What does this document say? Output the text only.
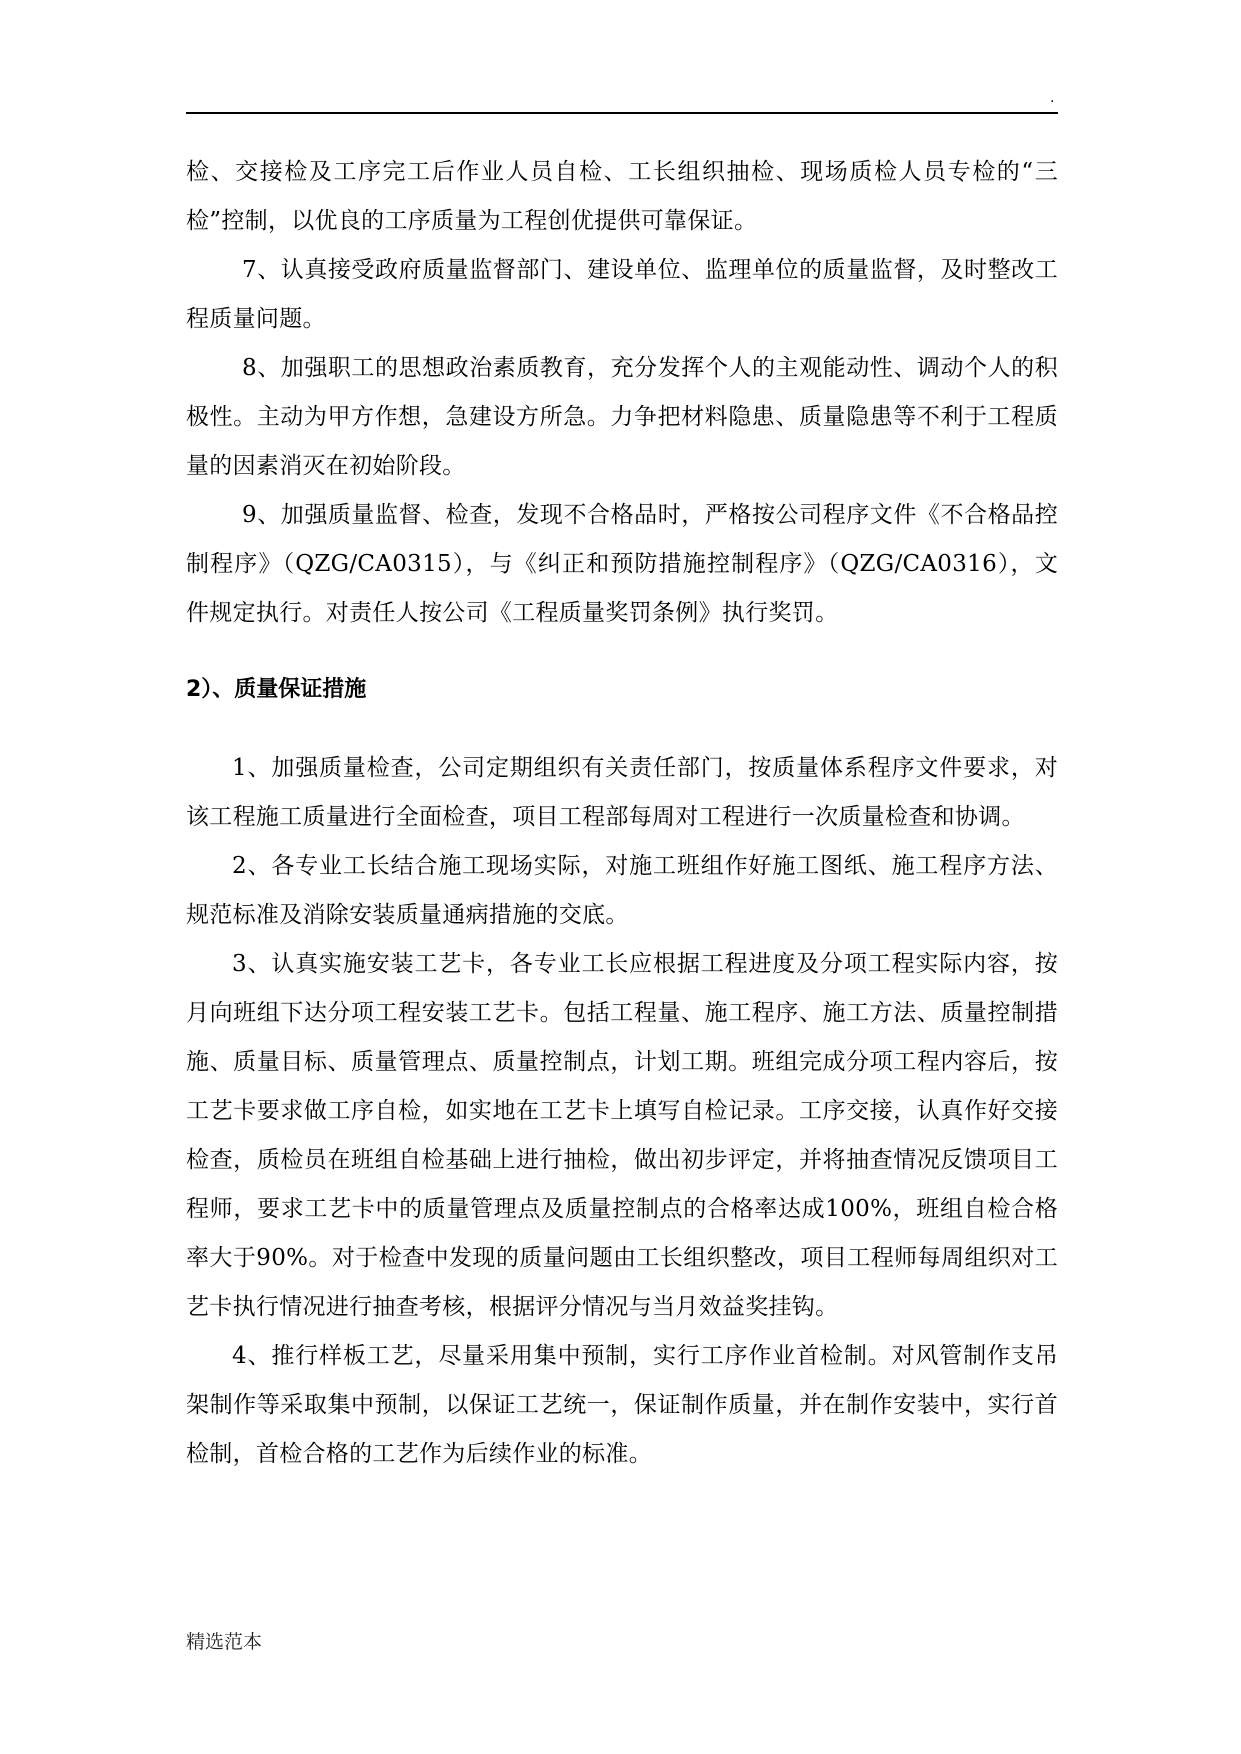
.

检、交接检及工序完工后作业人员自检、工长组织抽检、现场质检人员专检的“三检”控制，以优良的工序质量为工程创优提供可靠保证。

7、认真接受政府质量监督部门、建设单位、监理单位的质量监督，及时整改工程质量问题。

8、加强职工的思想政治素质教育，充分发挥个人的主观能动性、调动个人的积极性。主动为甲方作想，急建设方所急。力争把材料隐患、质量隐患等不利于工程质量的因素消灭在初始阶段。

9、加强质量监督、检查，发现不合格品时，严格按公司程序文件《不合格品控制程序》（QZG/CA0315），与《纠正和预防措施控制程序》（QZG/CA0316），文件规定执行。对责任人按公司《工程质量奖罚条例》执行奖罚。

2）、质量保证措施

1、加强质量检查，公司定期组织有关责任部门，按质量体系程序文件要求，对该工程施工质量进行全面检查，项目工程部每周对工程进行一次质量检查和协调。

2、各专业工长结合施工现场实际，对施工班组作好施工图纸、施工程序方法、规范标准及消除安装质量通病措施的交底。

3、认真实施安装工艺卡，各专业工长应根据工程进度及分项工程实际内容，按月向班组下达分项工程安装工艺卡。包括工程量、施工程序、施工方法、质量控制措施、质量目标、质量管理点、质量控制点，计划工期。班组完成分项工程内容后，按工艺卡要求做工序自检，如实地在工艺卡上填写自检记录。工序交接，认真作好交接检查，质检员在班组自检基础上进行抽检，做出初步评定，并将抽查情况反馈项目工程师，要求工艺卡中的质量管理点及质量控制点的合格率达成100%，班组自检合格率大于90%。对于检查中发现的质量问题由工长组织整改，项目工程师每周组织对工艺卡执行情况进行抽查考核，根据评分情况与当月效益奖挂钩。

4、推行样板工艺，尽量采用集中预制，实行工序作业首检制。对风管制作支吊架制作等采取集中预制，以保证工艺统一，保证制作质量，并在制作安装中，实行首检制，首检合格的工艺作为后续作业的标准。

精选范本
